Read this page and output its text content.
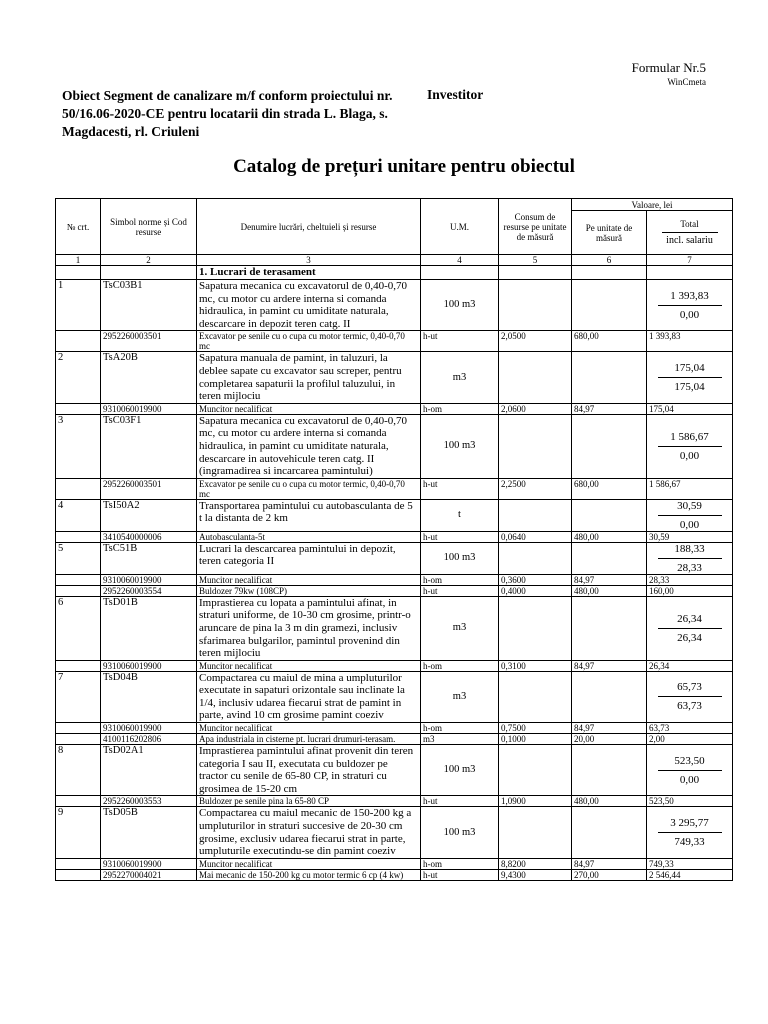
Formular Nr.5
WinCmeta
Obiect Segment de canalizare m/f conform proiectului nr. 50/16.06-2020-CE pentru locatarii din strada L. Blaga, s. Magdacesti, rl. Criuleni
Investitor
Catalog de prețuri unitare pentru obiectul
№ crt.	Simbol norme și Cod resurse	Denumire lucrări, cheltuieli și resurse	U.M.	Consum de resurse pe unitate de măsură	Valoare, lei	
					Pe unitate de măsură	Total
incl. salariu

1	2	3	4	5	6	7
		1. Lucrari de terasament				
1	TsC03B1	Sapatura mecanica cu excavatorul de 0,40-0,70 mc, cu motor cu ardere interna si comanda hidraulica, in pamint cu umiditate naturala, descarcare in depozit teren catg. II	100 m3			1 393,83
0,00

	2952260003501	Excavator pe senile cu o cupa cu motor termic, 0,40-0,70 mc	h-ut	2,0500	680,00	1 393,83
2	TsA20B	Sapatura manuala de pamint, in taluzuri, la deblee sapate cu excavator sau screper, pentru completarea sapaturii la profilul taluzului, in teren mijlociu	m3			175,04
175,04

	9310060019900	Muncitor necalificat	h-om	2,0600	84,97	175,04
3	TsC03F1	Sapatura mecanica cu excavatorul de 0,40-0,70 mc, cu motor cu ardere interna si comanda hidraulica, in pamint cu umiditate naturala, descarcare in autovehicule teren catg. II (ingramadirea si incarcarea pamintului)	100 m3			1 586,67
0,00

	2952260003501	Excavator pe senile cu o cupa cu motor termic, 0,40-0,70 mc	h-ut	2,2500	680,00	1 586,67
4	TsI50A2	Transportarea pamintului cu autobasculanta de 5 t la distanta de 2 km	t			30,59
0,00

	3410540000006	Autobasculanta-5t	h-ut	0,0640	480,00	30,59
5	TsC51B	Lucrari la descarcarea pamintului in depozit, teren categoria II	100 m3			188,33
28,33

	9310060019900	Muncitor necalificat	h-om	0,3600	84,97	28,33
	2952260003554	Buldozer 79kw (108CP)	h-ut	0,4000	480,00	160,00
6	TsD01B	Imprastierea cu lopata a pamintului afinat, in straturi uniforme, de 10-30 cm grosime, printr-o aruncare de pina la 3 m din gramezi, inclusiv sfarimarea bulgarilor, pamintul provenind din teren mijlociu	m3			26,34
26,34

	9310060019900	Muncitor necalificat	h-om	0,3100	84,97	26,34
7	TsD04B	Compactarea cu maiul de mina a umpluturilor executate in sapaturi orizontale sau inclinate la 1/4, inclusiv udarea fiecarui strat de pamint in parte, avind 10 cm grosime pamint coeziv	m3			65,73
63,73

	9310060019900	Muncitor necalificat	h-om	0,7500	84,97	63,73
	4100116202806	Apa industriala in cisterne pt. lucrari drumuri-terasam.	m3	0,1000	20,00	2,00
8	TsD02A1	Imprastierea pamintului afinat provenit din teren categoria I sau II, executata cu buldozer pe tractor cu senile de 65-80 CP, in straturi cu grosimea de 15-20 cm	100 m3			523,50
0,00

	2952260003553	Buldozer pe senile pina la 65-80 CP	h-ut	1,0900	480,00	523,50
9	TsD05B	Compactarea cu maiul mecanic de 150-200 kg a umpluturilor in straturi succesive de 20-30 cm grosime, exclusiv udarea fiecarui strat in parte, umpluturile executindu-se din pamint coeziv	100 m3			3 295,77
749,33

	9310060019900	Muncitor necalificat	h-om	8,8200	84,97	749,33
	2952270004021	Mai mecanic de 150-200 kg cu motor termic 6 cp (4 kw)	h-ut	9,4300	270,00	2 546,44
